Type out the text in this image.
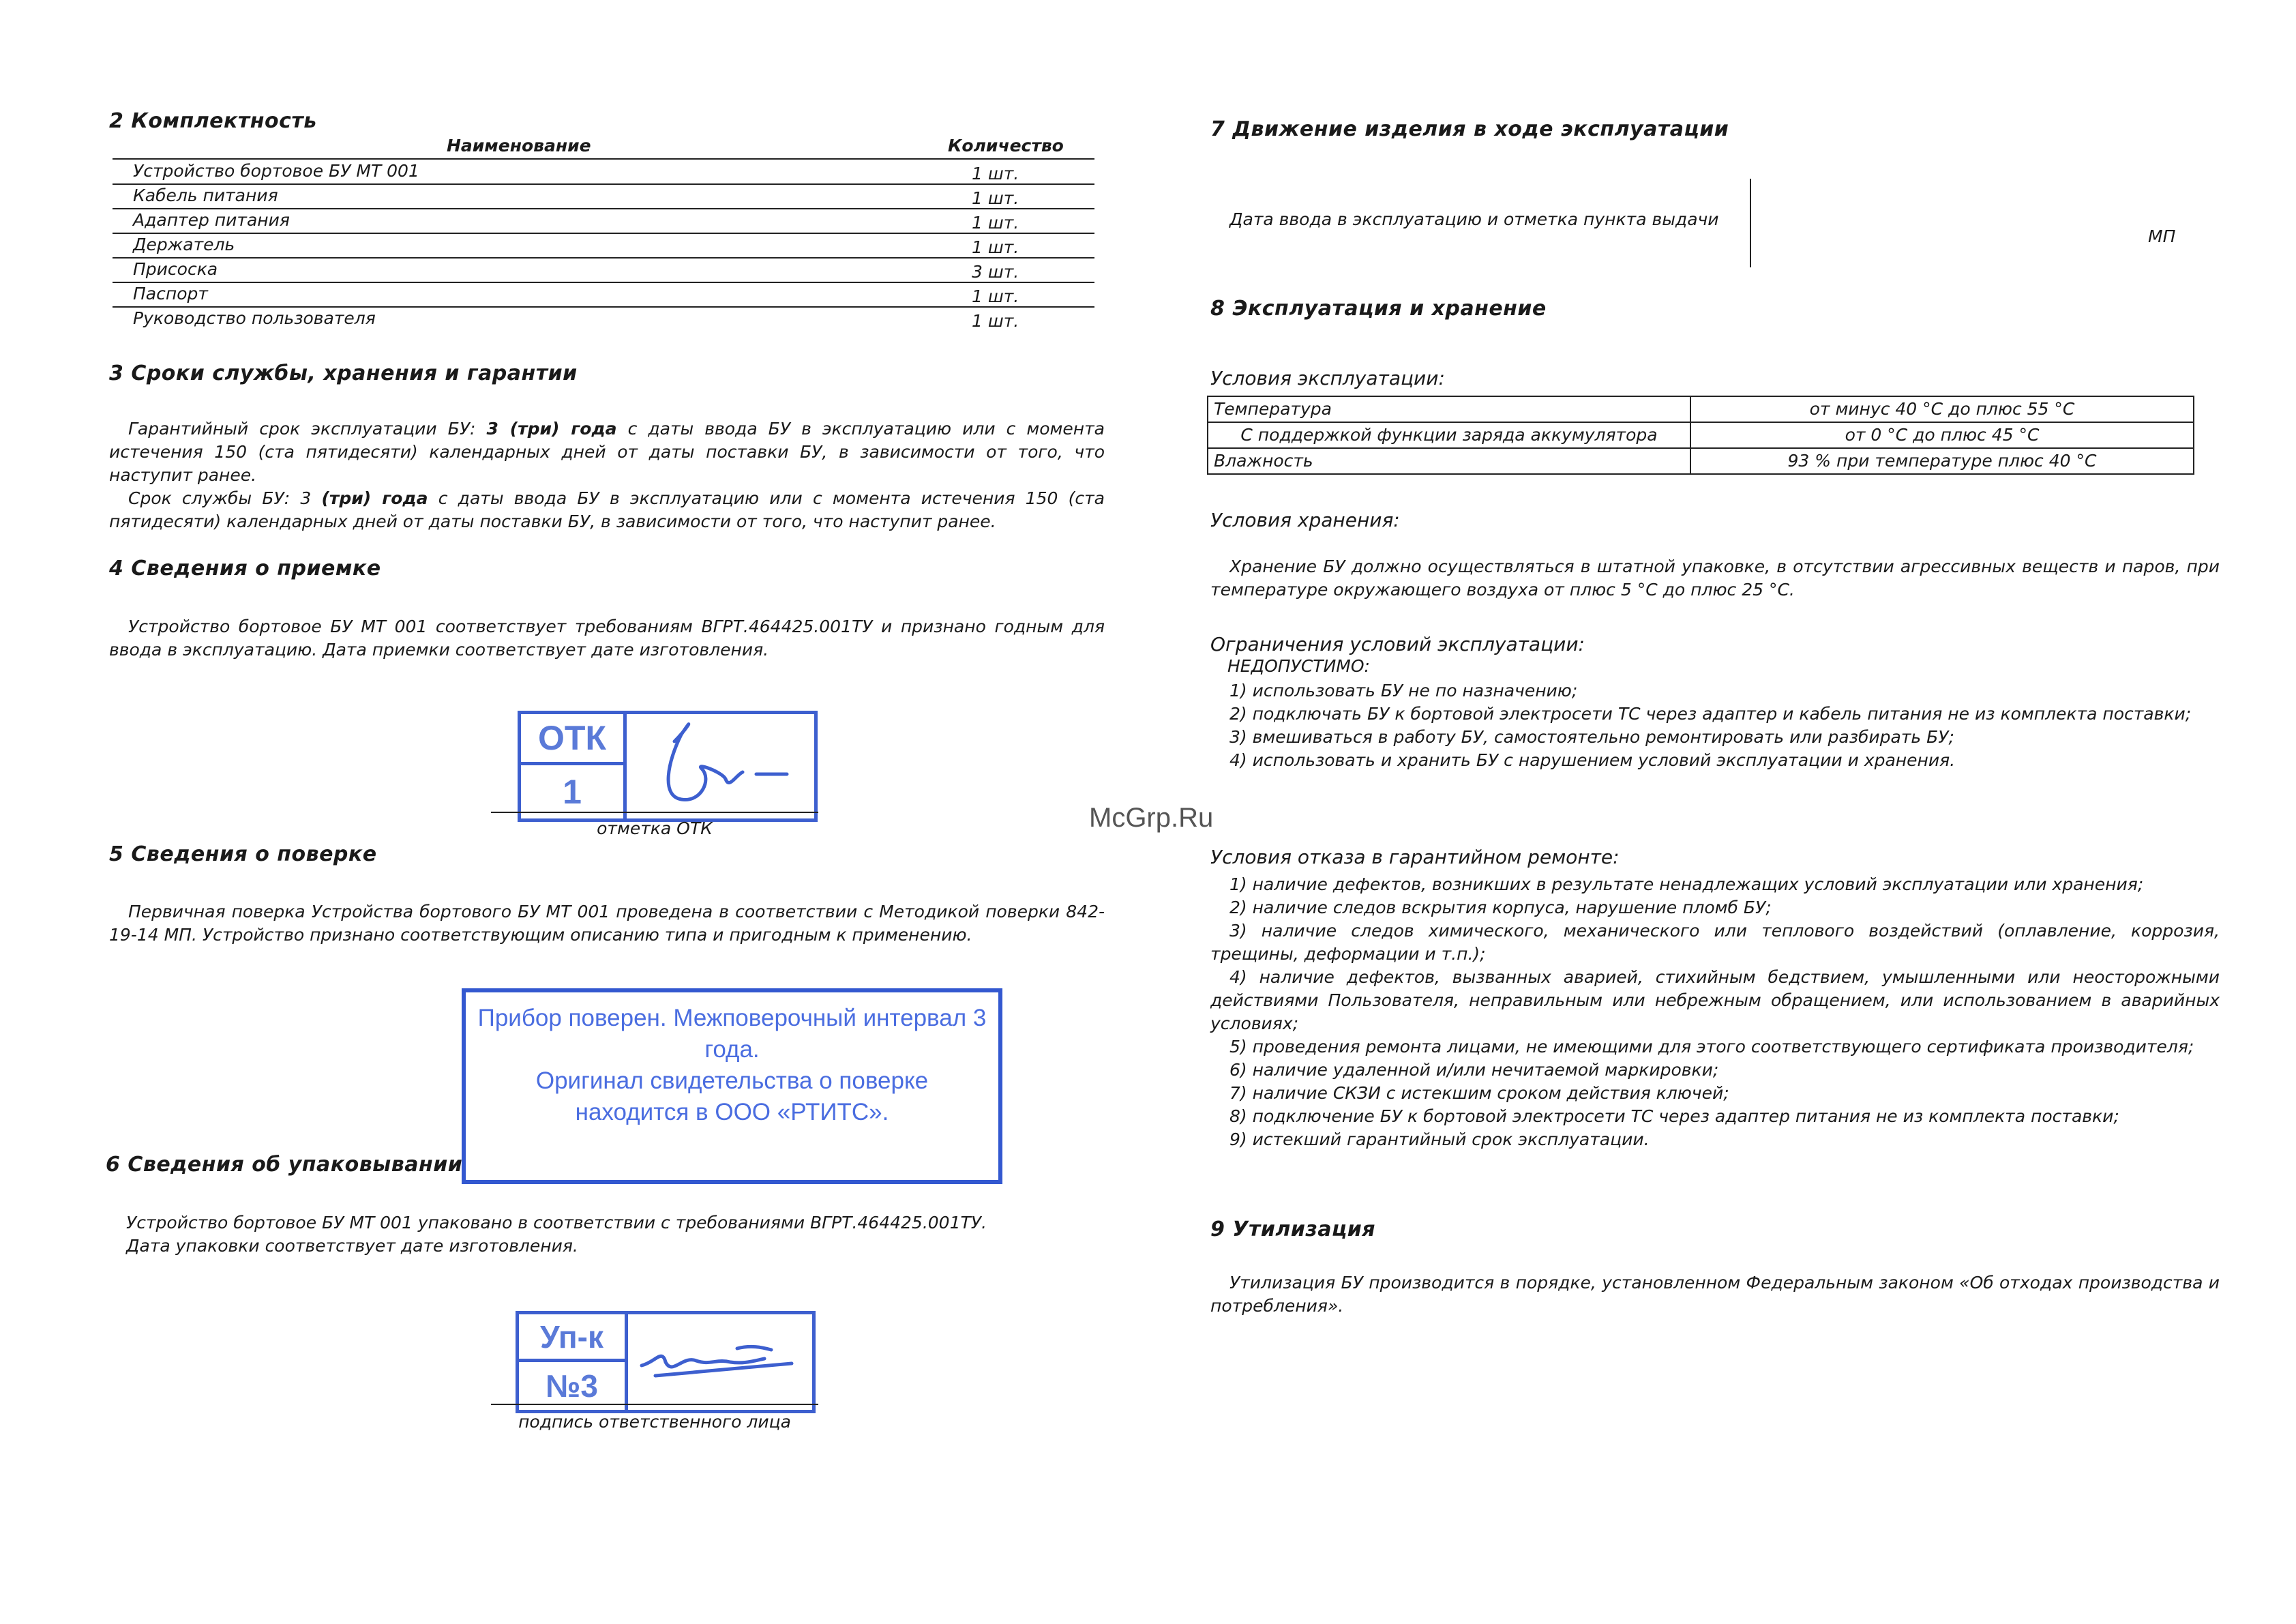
2 Комплектность
Наименование	Количество
Устройство бортовое БУ МТ 001	1 шт.
Кабель питания	1 шт.
Адаптер питания	1 шт.
Держатель	1 шт.
Присоска	3 шт.
Паспорт	1 шт.
Руководство пользователя	1 шт.
3 Сроки службы, хранения и гарантии

Гарантийный срок эксплуатации БУ: 3 (три) года с даты ввода БУ в эксплуатацию или с момента истечения 150 (ста пятидесяти) календарных дней от даты поставки БУ, в зависимости от того, что наступит ранее.

Срок службы БУ: 3 (три) года с даты ввода БУ в эксплуатацию или с момента истечения 150 (ста пятидесяти) календарных дней от даты поставки БУ, в зависимости от того, что наступит ранее.

4 Сведения о приемке
Устройство бортовое БУ МТ 001 соответствует требованиям ВГРТ.464425.001ТУ и признано годным для ввода в эксплуатацию. Дата приемки соответствует дате изготовления.
ОТК
1
отметка ОТК
5 Сведения о поверке
Первичная поверка Устройства бортового БУ МТ 001 проведена в соответствии с Методикой поверки 842-19-14 МП. Устройство признано соответствующим описанию типа и пригодным к применению.
Прибор поверен. Межповерочный интервал 3 года.
Оригинал свидетельства о поверке
находится в ООО «РТИТС».
6 Сведения об упаковывании
Устройство бортовое БУ МТ 001 упаковано в соответствии с требованиями ВГРТ.464425.001ТУ.
Дата упаковки соответствует дате изготовления.
Уп-к
№3
подпись ответственного лица
7 Движение изделия в ходе эксплуатации
Дата ввода в эксплуатацию и отметка пункта выдачи
МП
8 Эксплуатация и хранение
Условия эксплуатации:
Температура	от минус 40 °C до плюс 55 °C
С поддержкой функции заряда аккумулятора	от 0 °C до плюс 45 °C
Влажность	93 % при температуре плюс 40 °C
Условия хранения:
Хранение БУ должно осуществляться в штатной упаковке, в отсутствии агрессивных веществ и паров, при температуре окружающего воздуха от плюс 5 °C до плюс 25 °C.
Ограничения условий эксплуатации:
НЕДОПУСТИМО:
1) использовать БУ не по назначению;
2) подключать БУ к бортовой электросети ТС через адаптер и кабель питания не из комплекта поставки;
3) вмешиваться в работу БУ, самостоятельно ремонтировать или разбирать БУ;
4) использовать и хранить БУ с нарушением условий эксплуатации и хранения.
Условия отказа в гарантийном ремонте:
1) наличие дефектов, возникших в результате ненадлежащих условий эксплуатации или хранения;
2) наличие следов вскрытия корпуса, нарушение пломб БУ;
3) наличие следов химического, механического или теплового воздействий (оплавление, коррозия, трещины, деформации и т.п.);
4) наличие дефектов, вызванных аварией, стихийным бедствием, умышленными или неосторожными действиями Пользователя, неправильным или небрежным обращением, или использованием в аварийных условиях;
5) проведения ремонта лицами, не имеющими для этого соответствующего сертификата производителя;
6) наличие удаленной и/или нечитаемой маркировки;
7) наличие СКЗИ с истекшим сроком действия ключей;
8) подключение БУ к бортовой электросети ТС через адаптер питания не из комплекта поставки;
9) истекший гарантийный срок эксплуатации.
9 Утилизация
Утилизация БУ производится в порядке, установленном Федеральным законом «Об отходах производства и потребления».
McGrp.Ru
